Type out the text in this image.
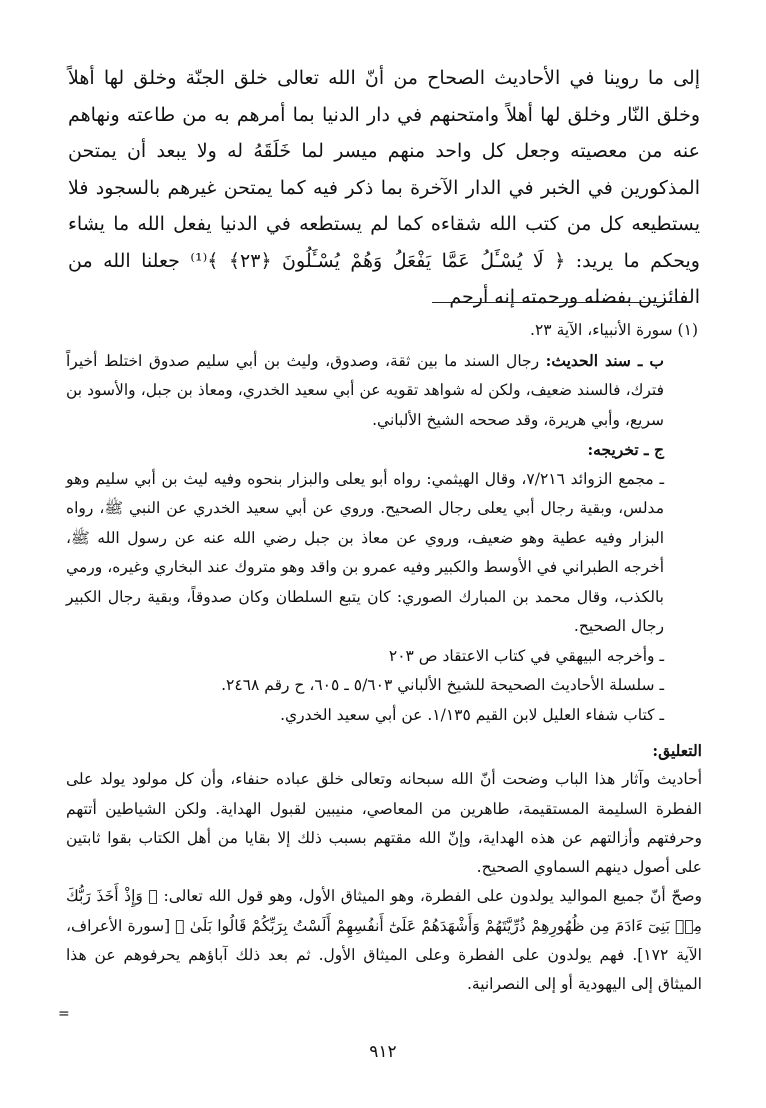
إلى ما روينا في الأحاديث الصحاح من أنّ الله تعالى خلق الجنّة وخلق لها أهلاً وخلق النّار وخلق لها أهلاً وامتحنهم في دار الدنيا بما أمرهم به من طاعته ونهاهم عنه من معصيته وجعل كل واحد منهم ميسر لما خَلَقَهُ له ولا يبعد أن يمتحن المذكورين في الخبر في الدار الآخرة بما ذكر فيه كما يمتحن غيرهم بالسجود فلا يستطيعه كل من كتب الله شقاءه كما لم يستطعه في الدنيا يفعل الله ما يشاء ويحكم ما يريد: ﴿ لَا يُسْـَٔلُ عَمَّا يَفْعَلُ وَهُمْ يُسْـَٔلُونَ ﴿٢٣﴾ ﴾⁽¹⁾ جعلنا الله من الفائزين بفضله ورحمته إنه أرحم

(١) سورة الأنبياء، الآية ٢٣.

ب ـ سند الحديث: رجال السند ما بين ثقة، وصدوق، وليث بن أبي سليم صدوق اختلط أخيراً فترك، فالسند ضعيف، ولكن له شواهد تقويه عن أبي سعيد الخدري، ومعاذ بن جبل، والأسود بن سريع، وأبي هريرة، وقد صححه الشيخ الألباني.

ج ـ تخريجه:

ـ مجمع الزوائد ٧/٢١٦، وقال الهيثمي: رواه أبو يعلى والبزار بنحوه وفيه ليث بن أبي سليم وهو مدلس، وبقية رجال أبي يعلى رجال الصحيح. وروي عن أبي سعيد الخدري عن النبي ﷺ، رواه البزار وفيه عطية وهو ضعيف، وروي عن معاذ بن جبل رضي الله عنه عن رسول الله ﷺ، أخرجه الطبراني في الأوسط والكبير وفيه عمرو بن واقد وهو متروك عند البخاري وغيره، ورمي بالكذب، وقال محمد بن المبارك الصوري: كان يتبع السلطان وكان صدوقاً، وبقية رجال الكبير رجال الصحيح.

ـ وأخرجه البيهقي في كتاب الاعتقاد ص ٢٠٣

ـ سلسلة الأحاديث الصحيحة للشيخ الألباني ٥/٦٠٣ ـ ٦٠٥، ح رقم ٢٤٦٨.

ـ كتاب شفاء العليل لابن القيم ١/١٣٥. عن أبي سعيد الخدري.

التعليق:

أحاديث وآثار هذا الباب وضحت أنّ الله سبحانه وتعالى خلق عباده حنفاء، وأن كل مولود يولد على الفطرة السليمة المستقيمة، طاهرين من المعاصي، منيبين لقبول الهداية. ولكن الشياطين أتتهم وحرفتهم وأزالتهم عن هذه الهداية، وإنّ الله مقتهم بسبب ذلك إلا بقايا من أهل الكتاب بقوا ثابتين على أصول دينهم السماوي الصحيح.

وصحّ أنّ جميع المواليد يولدون على الفطرة، وهو الميثاق الأول، وهو قول الله تعالى: ﴿ وَإِذْ أَخَذَ رَبُّكَ مِنۢ بَنِىٓ ءَادَمَ مِن ظُهُورِهِمْ ذُرِّيَّتَهُمْ وَأَشْهَدَهُمْ عَلَىٰٓ أَنفُسِهِمْ أَلَسْتُ بِرَبِّكُمْ قَالُوا بَلَىٰ ﴾ [سورة الأعراف، الآية ١٧٢]. فهم يولدون على الفطرة وعلى الميثاق الأول. ثم بعد ذلك آباؤهم يحرفوهم عن هذا الميثاق إلى اليهودية أو إلى النصرانية.

=
٩١٢
